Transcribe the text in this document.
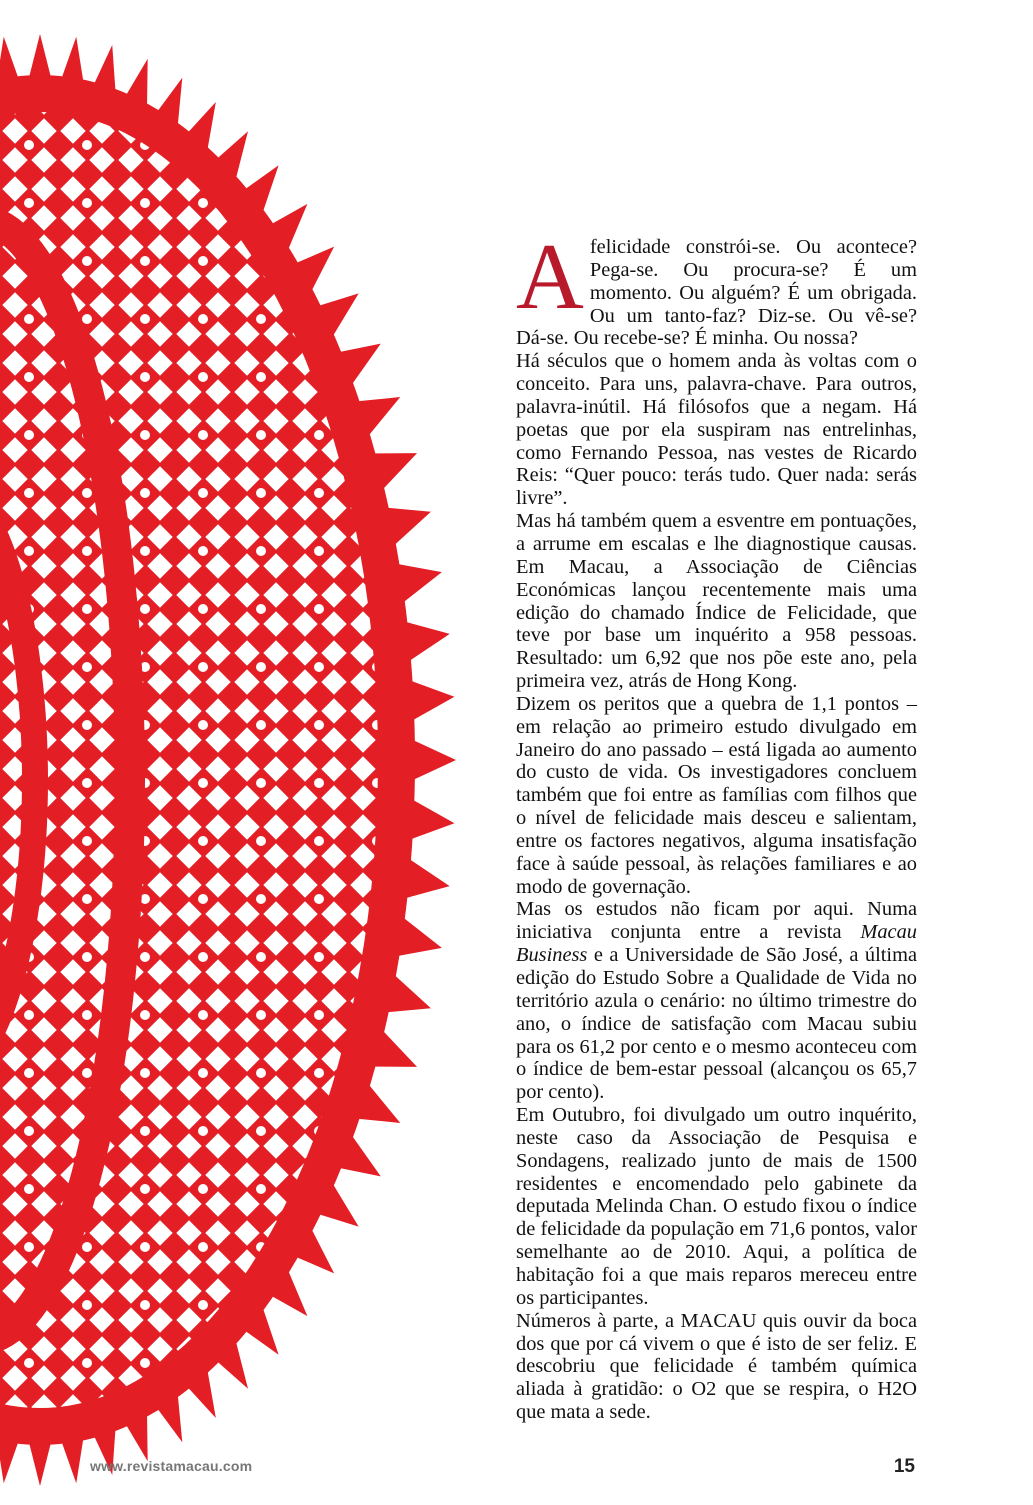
Afelicidade constrói-se. Ou acontece? Pega-se. Ou procura-se? É um momento. Ou alguém? É um obrigada. Ou um tanto-faz? Diz-se. Ou vê-se? Dá-se. Ou recebe-se? É minha. Ou nossa?

Há séculos que o homem anda às voltas com o conceito. Para uns, palavra-chave. Para outros, palavra-inútil. Há filósofos que a negam. Há poetas que por ela suspiram nas entrelinhas, como Fernando Pessoa, nas vestes de Ricardo Reis: “Quer pouco: terás tudo. Quer nada: serás livre”.

Mas há também quem a esventre em pontuações, a arrume em escalas e lhe diagnostique causas. Em Macau, a Associação de Ciências Económicas lançou recentemente mais uma edição do chamado Índice de Felicidade, que teve por base um inquérito a 958 pessoas. Resultado: um 6,92 que nos põe este ano, pela primeira vez, atrás de Hong Kong.

Dizem os peritos que a quebra de 1,1 pontos – em relação ao primeiro estudo divulgado em Janeiro do ano passado – está ligada ao aumento do custo de vida. Os investigadores concluem também que foi entre as famílias com filhos que o nível de felicidade mais desceu e salientam, entre os factores negativos, alguma insatisfação face à saúde pessoal, às relações familiares e ao modo de governação.

Mas os estudos não ficam por aqui. Numa iniciativa conjunta entre a revista Macau Business e a Universidade de São José, a última edição do Estudo Sobre a Qualidade de Vida no território azula o cenário: no último trimestre do ano, o índice de satisfação com Macau subiu para os 61,2 por cento e o mesmo aconteceu com o índice de bem-estar pessoal (alcançou os 65,7 por cento).

Em Outubro, foi divulgado um outro inquérito, neste caso da Associação de Pesquisa e Sondagens, realizado junto de mais de 1500 residentes e encomendado pelo gabinete da deputada Melinda Chan. O estudo fixou o índice de felicidade da população em 71,6 pontos, valor semelhante ao de 2010. Aqui, a política de habitação foi a que mais reparos mereceu entre os participantes.

Números à parte, a MACAU quis ouvir da boca dos que por cá vivem o que é isto de ser feliz. E descobriu que felicidade é também química aliada à gratidão: o O2 que se respira, o H2O que mata a sede.

www.revistamacau.com	15
